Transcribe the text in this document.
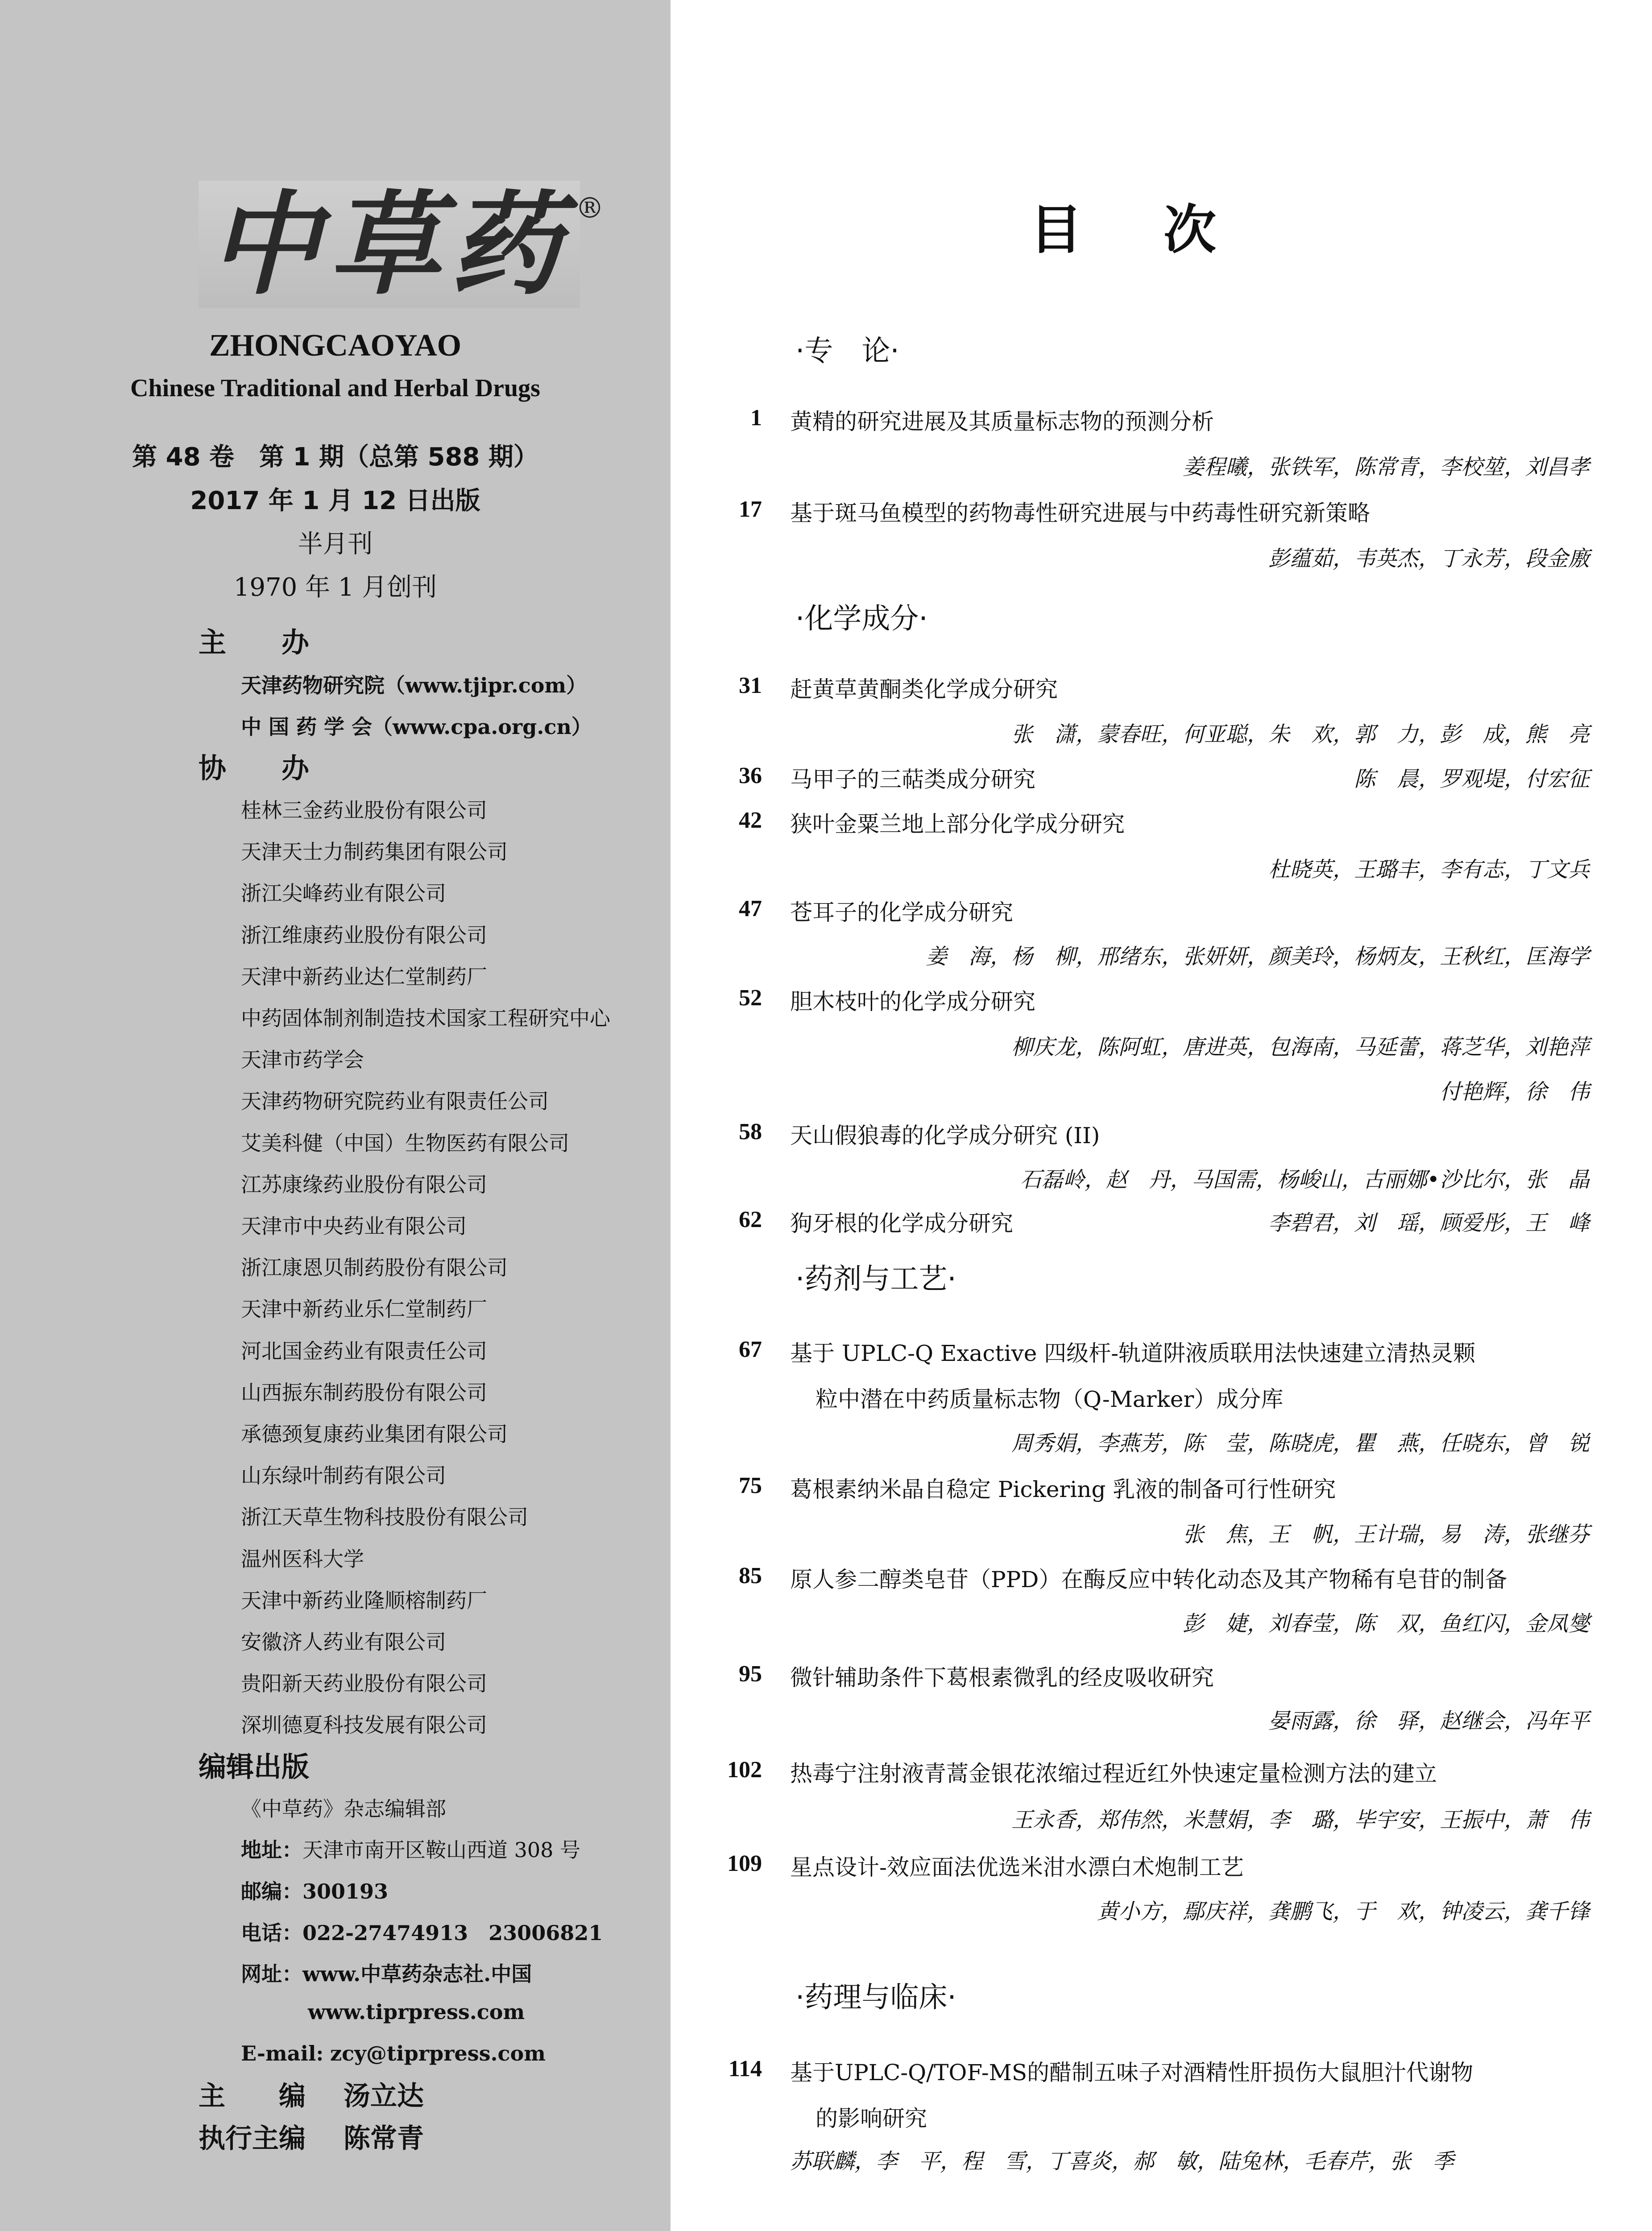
中草药 ®
ZHONGCAOYAO
Chinese Traditional and Herbal Drugs
第 48 卷　第 1 期（总第 588 期）
2017 年 1 月 12 日出版
半月刊
1970 年 1 月创刊
主　　办
天津药物研究院（www.tjipr.com）
中 国 药 学 会（www.cpa.org.cn）
协　　办
桂林三金药业股份有限公司
天津天士力制药集团有限公司
浙江尖峰药业有限公司
浙江维康药业股份有限公司
天津中新药业达仁堂制药厂
中药固体制剂制造技术国家工程研究中心
天津市药学会
天津药物研究院药业有限责任公司
艾美科健（中国）生物医药有限公司
江苏康缘药业股份有限公司
天津市中央药业有限公司
浙江康恩贝制药股份有限公司
天津中新药业乐仁堂制药厂
河北国金药业有限责任公司
山西振东制药股份有限公司
承德颈复康药业集团有限公司
山东绿叶制药有限公司
浙江天草生物科技股份有限公司
温州医科大学
天津中新药业隆顺榕制药厂
安徽济人药业有限公司
贵阳新天药业股份有限公司
深圳德夏科技发展有限公司
编辑出版
《中草药》杂志编辑部
地址：天津市南开区鞍山西道 308 号
邮编：300193
电话：022-27474913　23006821
网址：www.中草药杂志社.中国
www.tiprpress.com
E-mail: zcy@tiprpress.com
主　　编 汤立达
执行主编 陈常青
目 次
·专　论·
1 黄精的研究进展及其质量标志物的预测分析
姜程曦，张铁军，陈常青，李校堃，刘昌孝
17 基于斑马鱼模型的药物毒性研究进展与中药毒性研究新策略
彭蕴茹，韦英杰，丁永芳，段金廒
·化学成分·
31 赶黄草黄酮类化学成分研究
张　潇，蒙春旺，何亚聪，朱　欢，郭　力，彭　成，熊　亮
36 马甲子的三萜类成分研究	陈　晨，罗观堤，付宏征
42 狭叶金粟兰地上部分化学成分研究
杜晓英，王璐丰，李有志，丁文兵
47 苍耳子的化学成分研究
姜　海，杨　柳，邢绪东，张妍妍，颜美玲，杨炳友，王秋红，匡海学
52 胆木枝叶的化学成分研究
柳庆龙，陈阿虹，唐进英，包海南，马延蕾，蒋芝华，刘艳萍
付艳辉，徐　伟
58 天山假狼毒的化学成分研究 (II)
石磊岭，赵　丹，马国需，杨峻山，古丽娜•沙比尔，张　晶
62 狗牙根的化学成分研究	李碧君，刘　瑶，顾爱彤，王　峰
·药剂与工艺·
67 基于 UPLC-Q Exactive 四级杆-轨道阱液质联用法快速建立清热灵颗
粒中潜在中药质量标志物（Q-Marker）成分库
周秀娟，李燕芳，陈　莹，陈晓虎，瞿　燕，任晓东，曾　锐
75 葛根素纳米晶自稳定 Pickering 乳液的制备可行性研究
张　焦，王　帆，王计瑞，易　涛，张继芬
85 原人参二醇类皂苷（PPD）在酶反应中转化动态及其产物稀有皂苷的制备
彭　婕，刘春莹，陈　双，鱼红闪，金凤燮
95 微针辅助条件下葛根素微乳的经皮吸收研究
晏雨露，徐　驿，赵继会，冯年平
102 热毒宁注射液青蒿金银花浓缩过程近红外快速定量检测方法的建立
王永香，郑伟然，米慧娟，李　璐，毕宇安，王振中，萧　伟
109 星点设计-效应面法优选米泔水漂白术炮制工艺
黄小方，鄢庆祥，龚鹏飞，于　欢，钟凌云，龚千锋
·药理与临床·
114 基于UPLC-Q/TOF-MS的醋制五味子对酒精性肝损伤大鼠胆汁代谢物
的影响研究
苏联麟，李　平，程　雪，丁喜炎，郝　敏，陆兔林，毛春芹，张　季
